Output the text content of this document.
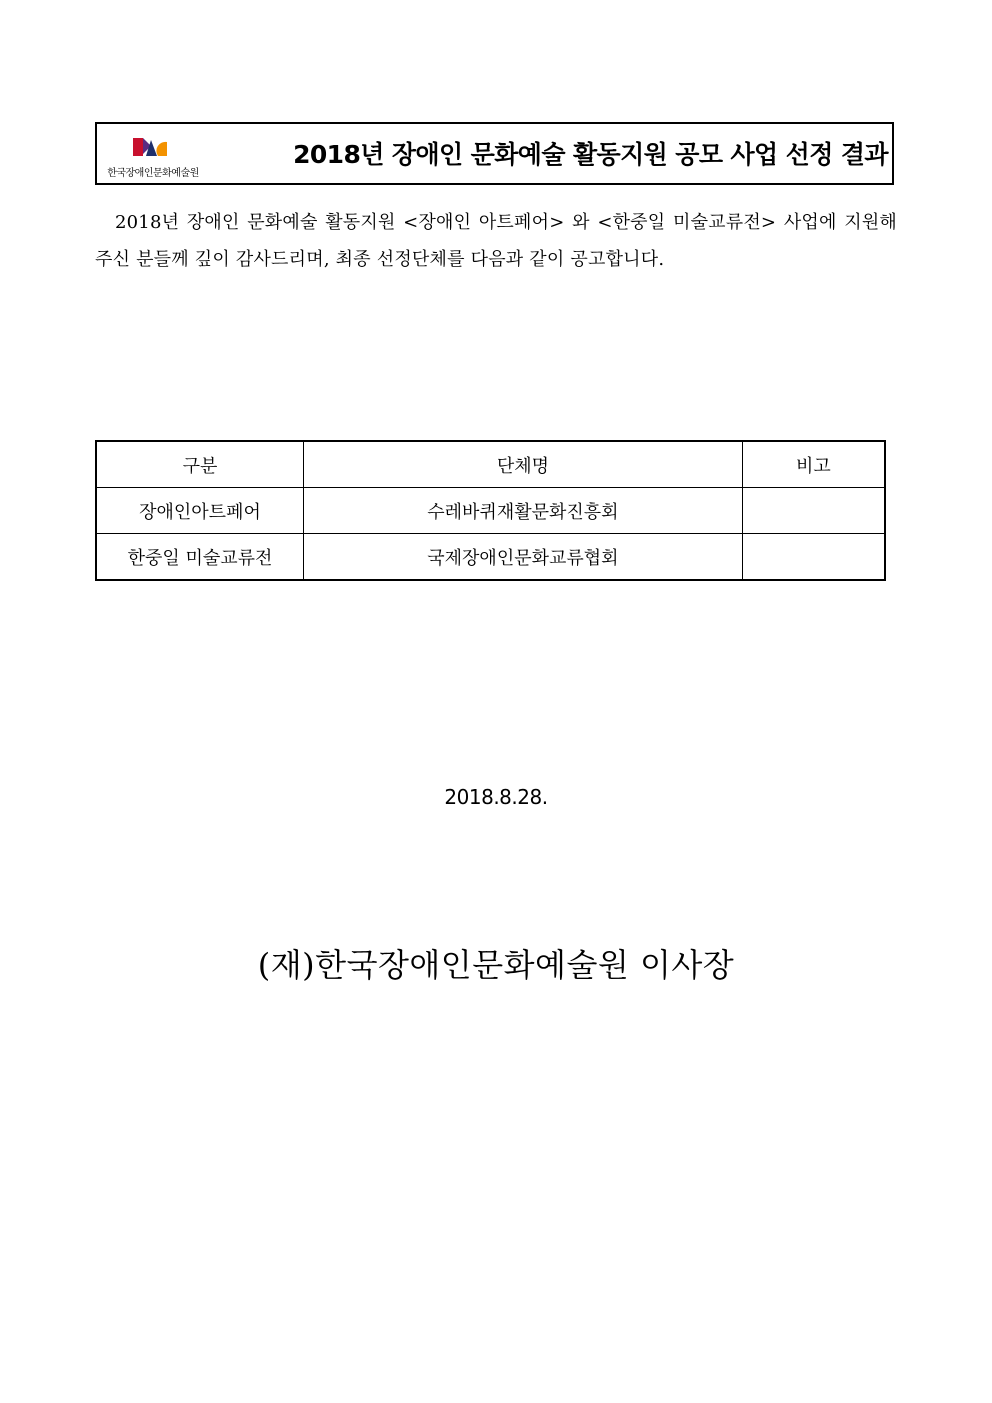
한국장애인문화예술원
2018년 장애인 문화예술 활동지원 공모 사업 선정 결과

2018년 장애인 문화예술 활동지원 <장애인 아트페어> 와 <한중일 미술교류전> 사업에 지원해주신 분들께 깊이 감사드리며, 최종 선정단체를 다음과 같이 공고합니다.

구분	단체명	비고
장애인아트페어	수레바퀴재활문화진흥회	
한중일 미술교류전	국제장애인문화교류협회	
2018.8.28.
(재)한국장애인문화예술원 이사장
